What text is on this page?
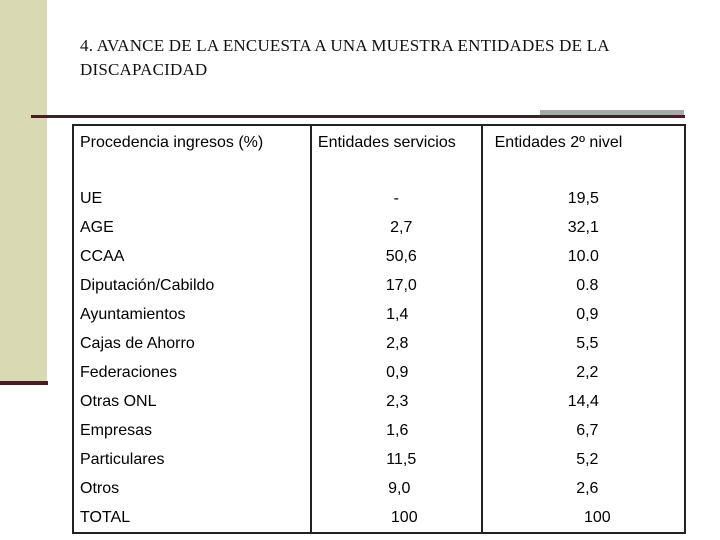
4. AVANCE DE LA ENCUESTA A UNA MUESTRA ENTIDADES DE LA DISCAPACIDAD
Procedencia ingresos (%)	Entidades servicios	Entidades 2º nivel
UE	-	19,5
AGE	2,7	32,1
CCAA	50,6	10.0
Diputación/Cabildo	17,0	0.8
Ayuntamientos	1,4	0,9
Cajas de Ahorro	2,8	5,5
Federaciones	0,9	2,2
Otras ONL	2,3	14,4
Empresas	1,6	6,7
Particulares	11,5	5,2
Otros	9,0	2,6
TOTAL	100	100
